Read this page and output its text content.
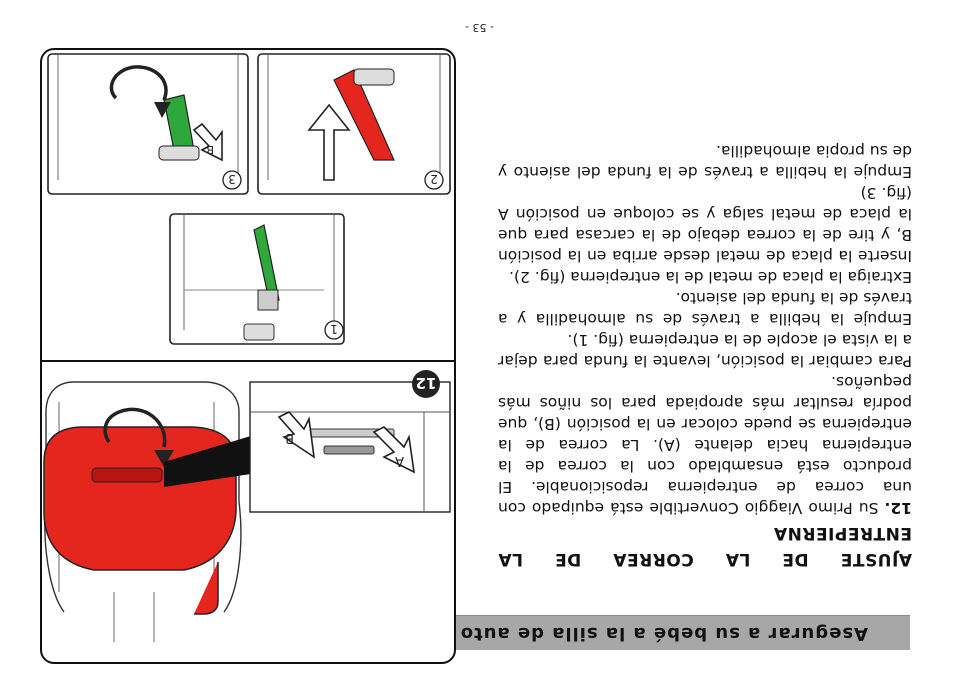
Asegurar a su bebé a la silla de auto

AJUSTE DE LA CORREA DE LA

ENTREPIERNA

12. Su Primo Viaggio Convertible está equipado con una correa de entrepierna reposicionable. El producto está ensamblado con la correa de la entrepierna hacia delante (A). La correa de la entrepierna se puede colocar en la posición (B), que podría resultar más apropiada para los niños más pequeños.

Para cambiar la posición, levante la funda para dejar a la vista el acople de la entrepierna (fig. 1).

Empuje la hebilla a través de su almohadilla y a través de la funda del asiento.

Extraiga la placa de metal de la entrepierna (fig. 2).

Inserte la placa de metal desde arriba en la posición B, y tire de la correa debajo de la carcasa para que la placa de metal salga y se coloque en posición A (fig. 3)

Empuje la hebilla a través de la funda del asiento y de su propia almohadilla.

A
B
12
1
2
B
3
- 53 -
